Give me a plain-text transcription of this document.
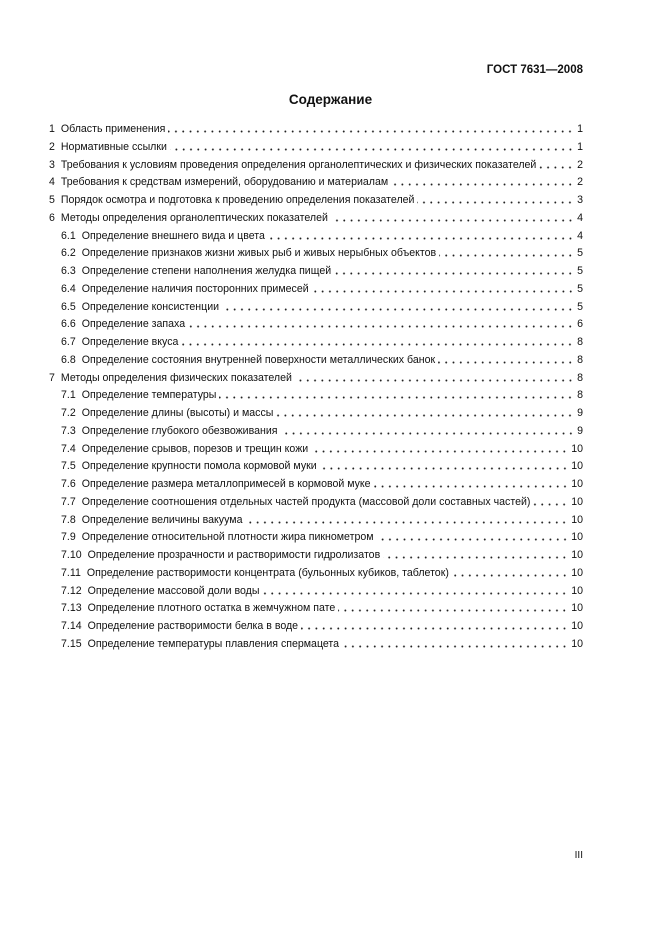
ГОСТ 7631—2008
Содержание
1 Область применения	1
2 Нормативные ссылки	1
3 Требования к условиям проведения определения органолептических и физических показателей	2
4 Требования к средствам измерений, оборудованию и материалам	2
5 Порядок осмотра и подготовка к проведению определения показателей	3
6 Методы определения органолептических показателей	4
6.1 Определение внешнего вида и цвета	4
6.2 Определение признаков жизни живых рыб и живых нерыбных объектов	5
6.3 Определение степени наполнения желудка пищей	5
6.4 Определение наличия посторонних примесей	5
6.5 Определение консистенции	5
6.6 Определение запаха	6
6.7 Определение вкуса	8
6.8 Определение состояния внутренней поверхности металлических банок	8
7 Методы определения физических показателей	8
7.1 Определение температуры	8
7.2 Определение длины (высоты) и массы	9
7.3 Определение глубокого обезвоживания	9
7.4 Определение срывов, порезов и трещин кожи	10
7.5 Определение крупности помола кормовой муки	10
7.6 Определение размера металлопримесей в кормовой муке	10
7.7 Определение соотношения отдельных частей продукта (массовой доли составных частей)	10
7.8 Определение величины вакуума	10
7.9 Определение относительной плотности жира пикнометром	10
7.10 Определение прозрачности и растворимости гидролизатов	10
7.11 Определение растворимости концентрата (бульонных кубиков, таблеток)	10
7.12 Определение массовой доли воды	10
7.13 Определение плотного остатка в жемчужном пате	10
7.14 Определение растворимости белка в воде	10
7.15 Определение температуры плавления спермацета	10
III
